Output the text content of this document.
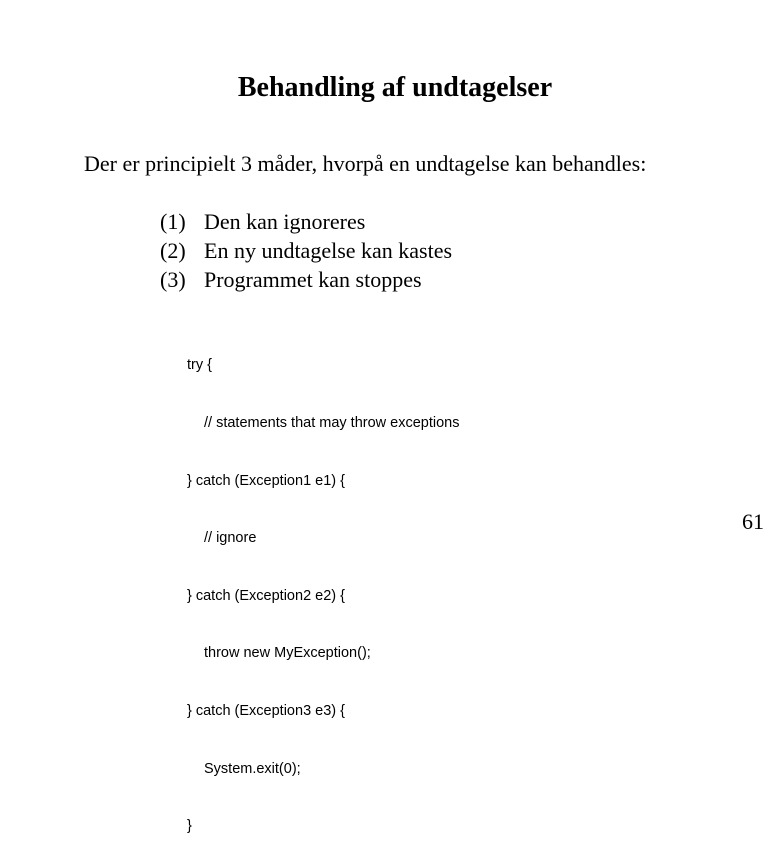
Behandling af undtagelser
Der er principielt 3 måder, hvorpå en undtagelse kan behandles:
(1) Den kan ignoreres
(2) En ny undtagelse kan kastes
(3) Programmet kan stoppes

try {

// statements that may throw exceptions

} catch (Exception1 e1) {

// ignore

} catch (Exception2 e2) {

throw new MyException();

} catch (Exception3 e3) {

System.exit(0);

}

61
